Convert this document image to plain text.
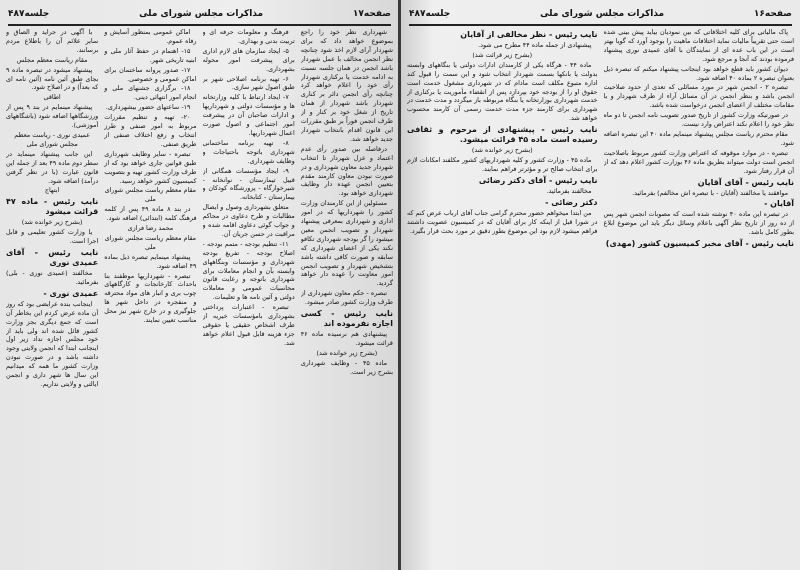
صفحه۱۷
مذاکرات مجلس شورای ملی
جلسه۴۸۷

شهرداری نظر خود را راجع بموضوع خواهد داد که برای شهردار آرای لازم اخذ شود چنانچه نظر انجمن مخالف با عمل شهردار باشد انجمن در همان جلسه نسبت به ادامه خدمت یا برکناری شهردار رأی خود را اعلام خواهد کرد چنانچه رأی انجمن دائر بر کناری شهردار باشد شهردار از همان تاریخ از شغل خود بر کنار و از طرف انجمن فوراً بر طبق مقررات این قانون اقدام بانتخاب شهردار جدید خواهد شد.

درفاصله بین صدور رأی عدم اعتماد و عزل شهردار تا انتخاب شهردار جدید معاون شهرداری و در صورت نبودن معاون کارمند مقدم بتعیین انجمن عهده دار وظایف شهرداری خواهد بود.

مسئولین از این کارمندان وزارت کشور را شهرداریها که در امور اداری و شهرداری بمعرفی پیشنهاد شهردار و تصویب انجمن معین میشود را گر بودجه شهرداری تکافو نکند یکی از اعضای شهرداری که سابقه و صورت کافی داشته باشد بتشخیص شهردار و تصویب انجمن امور معاونت را عهده دار خواهد گردید.

تبصره - حکم معاون شهرداری از طرف وزارت کشور صادر میشود.

نایب رئیس - کسی اجازه نفرموده اند

پیشنهادی هم نرسیده ماده ۴۶ قرائت میشود.

(بشرح زیر خوانده شد)

ماده ۴۵ - وظایف شهرداری بشرح زیر است.

فرهنگ و معلومات حرفه ای و تربیت بدنی و بهداری.

۵- ایجاد سازمان های لازم اداری برای پیشرفت امور محوله بشهرداری.

۶- تهیه برنامه اصلاحی شهر بر طبق اصول شهر سازی.

۷- ایجاد ارتباط با کلیه وزارتخانه ها و مؤسسات دولتی و شهرداریها و ادارات صاحبان آن در پیشرفت امور اجتماعی و اصول صورت اعمال شهرداریها.

۸- تهیه برنامه ساختمانی شهرداری باتوجه باحتیاجات و وظایف شهرداری.

۹- ایجاد مؤسسات همگانی از قبیل تیمارستان - نوانخانه - شیرخوارگاه - پرورشگاه کودکان و بیمارستان - کتابخانه.

متعلق بشهرداری وصول و ایصال مطالبات و طرح دعاوی در محاکم و جواب گوئی دعاوی اقامه شده و مراقبت در حسن جریان آن.

۱۱- تنظیم بودجه - متمم بودجه - اصلاح بودجه - تفریغ بودجه شهرداری و مؤسسات وبنگاههای وابسته بآن و انجام معاملات برای شهرداری باتوجه و رعایت قانون محاسبات عمومی و معاملات دولتی و آئین نامه ها و تعلیمات.

تبصره - اعتبارات پرداختی بشهرداری بامؤسسات خیریه از طرف اشخاص حقیقی یا حقوقی جزء هزینه قابل قبول اعلام خواهد شد.

اماکن عمومی بمنظور آسایش و رفاه عموم.

۱۵- اهتمام در حفظ آثار ملی و ابنیه تاریخی شهر.

۱۷- صدور پروانه ساختمان برای اماکن عمومی و خصوصی.

۱۸- برگزاری جشنهای ملی و انجام امور انتهائی دینی.

۱۹- ساعتهای حضور بیشهرداری.

۲۰- تهیه و تنظیم مقررات مربوط به امور صنفی و طرز انتخاب و رفع اختلاف صنفی از طریق صنفی.

تبصره - سایر وظایف شهرداری طبق قوانین جاری خواهد بود که از طرف وزارت کشور تهیه و بتصویب کمیسیون کشور خواهد رسید.

مقام معظم ریاست مجلس شورای ملی

در بند ۸ ماده ۴۹ پس از کلمه فرهنگ کلمه (ابتدائی) اضافه شود.

محمد رضا فرازی

مقام معظم ریاست مجلس شورای ملی

پیشنهاد مینمایم تبصره ذیل بماده ۴۹ اضافه شود.

تبصره - شهرداریها موظفند بنا باحداث کارخانجات و کارگاههای چوب بری و انبار های مواد محترقه و منفجره در داخل شهر ها جلوگیری و در خارج شهر نیز محل مناسب تعیین نمایند.

با آگهی در جراید و الصاق و سایر علائم آن را باطلاع مردم برسانند.

مقام ریاست معظم مجلس

پیشنهاد میشود در تبصره ماده ۹ بجای طبق آئین نامه (آئین نامه ای که بعداً) و در اصلاح شود.

اطاقی

پیشنهاد مینمایم در بند ۹ پس از ورزشگاهها اضافه شود (باشگاههای آموزشی).

عمیدی نوری - ریاست معظم مجلس شورای ملی

این جانب پیشنهاد مینماید در سطر دوم ماده ۴۹ بعد از جمله این قانون عبارت (با در نظر گرفتن درآمد) اضافه شود.

ابتهاج

نایب رئیس - ماده ۴۷ قرائت میشود

(بشرح زیر خوانده شد)

یا وزارت کشور تعلیمی و قابل اجرا است.

نایب رئیس - آقای عمیدی نوری

مخالفند (عمیدی نوری - بلی) بفرمائید.

عمیدی نوری -

اینجانب بنده عرایضی بود که روز آن ماده عرض کردم این بخاطر آن است که جمع دیگری بجز وزارت کشور قائل شده اند ولی باید از خود مجلس اجازه نداد زیر اول اینجانب ابتدا که انجمن ولایتی وجود داشته باشد و در صورت نبودن وزارت کشور ما همه که میدانیم این سال ها شهر داری و انجمن ایالتی و ولایتی نداریم.

صفحه۱۶
مذاکرات مجلس شورای ملی
جلسه۴۸۷

پاک مالیاتی برای کلیه اختلافاتی که بین نمودیان بیاید پیش بینی شده است حتی تقریباً مالیات نماید اختلافات ماهیت را بوجود آورد که گویا بهتر است در این باب عده ای از نمایندگان با آقای عمیدی نوری پیشنهاد فرموده بودند که آنجا و مرجع شود.

دیوان کشور باید قطع خواهد بود اینجانب پیشنهاد میکنم که تبصره ذیل بعنوان تبصره ۲ بماده ۴۰ اضافه شود.

تبصره ۲ - انجمن شهر در مورد مسائلی که تعدی از حدود صلاحیت انجمن باشد و بنظر انجمن در آن مسائل آراء از طرف شهردار و یا مقامات مختلف از اعضای انجمن درخواست شده باشد.

در صورتیکه وزارت کشور از تاریخ صدور تصویب نامه انجمن تا دو ماه نظر خود را اعلام نکند اعتراض وارد نیست.

مقام محترم ریاست مجلس پیشنهاد مینمایم ماده ۴۰ این تبصره اضافه شود.

تبصره - در موارد موقوفه که اعتراض وزارت کشور مربوط باصلاحیت انجمن است دولت میتواند بطریق ماده ۴۶ بوزارت کشور اعلام دهد که از آن قرار رفتار شود.

نایب رئیس - آقای آقایان

موافقند یا مخالفند (آقایان - با تبصره اش مخالفم) بفرمائید.

آقایان -

در تبصره این ماده ۴۰ نوشته شده است که مصوبات انجمن شهر پس از ده روز از تاریخ نظر آگهی باعلام وسائل دیگر باید این موضوع ابلاغ بطور کامل باشد.

نایب رئیس - آقای مخبر کمیسیون کشور (مهدی)

نایب رئیس - نظر مخالفی از آقایان

پیشنهادی از جمله ماده ۴۴ مطرح می شود.

(بشرح زیر قرائت شد)

ماده ۴۴ - هرگاه یکی از کارمندان ادارات دولتی یا بنگاههای وابسته بدولت یا بانکها بسمت شهردار انتخاب شود و این سمت را قبول کند اداره متبوع مکلف است مادام که در شهرداری مشغول خدمت است حقوق او را از بودجه خود بپردازد پس از انقضاء مأموریت یا برکناری از خدمت شهرداری بوزارتخانه یا بنگاه مربوطه باز میگردد و مدت خدمت در شهرداری برای کارمند جزء مدت خدمت رسمی آن کارمند محسوب خواهد شد.

نایب رئیس - پیشنهادی از مرحوم و ثقافی رسیده است ماده ۴۵ قرائت میشود.

(بشرح زیر خوانده شد)

ماده ۴۵ - وزارت کشور و کلیه شهرداریهای کشور مکلفند امکانات لازم برای انتخاب صالح تر و مؤثرتر فراهم نمایند.

نایب رئیس - آقای دکتر رضائی

مخالفند بفرمائید.

دکتر رضائی -

من ابتدا میخواهم حضور محترم گرامی جناب آقای ارباب عرض کنم که در شورا قبل از اینکه کار برای آقایان که در کمیسیون عضویت داشتند فراهم میشود لازم بود این موضوع بطور دقیق تر مورد بحث قرار بگیرد.
